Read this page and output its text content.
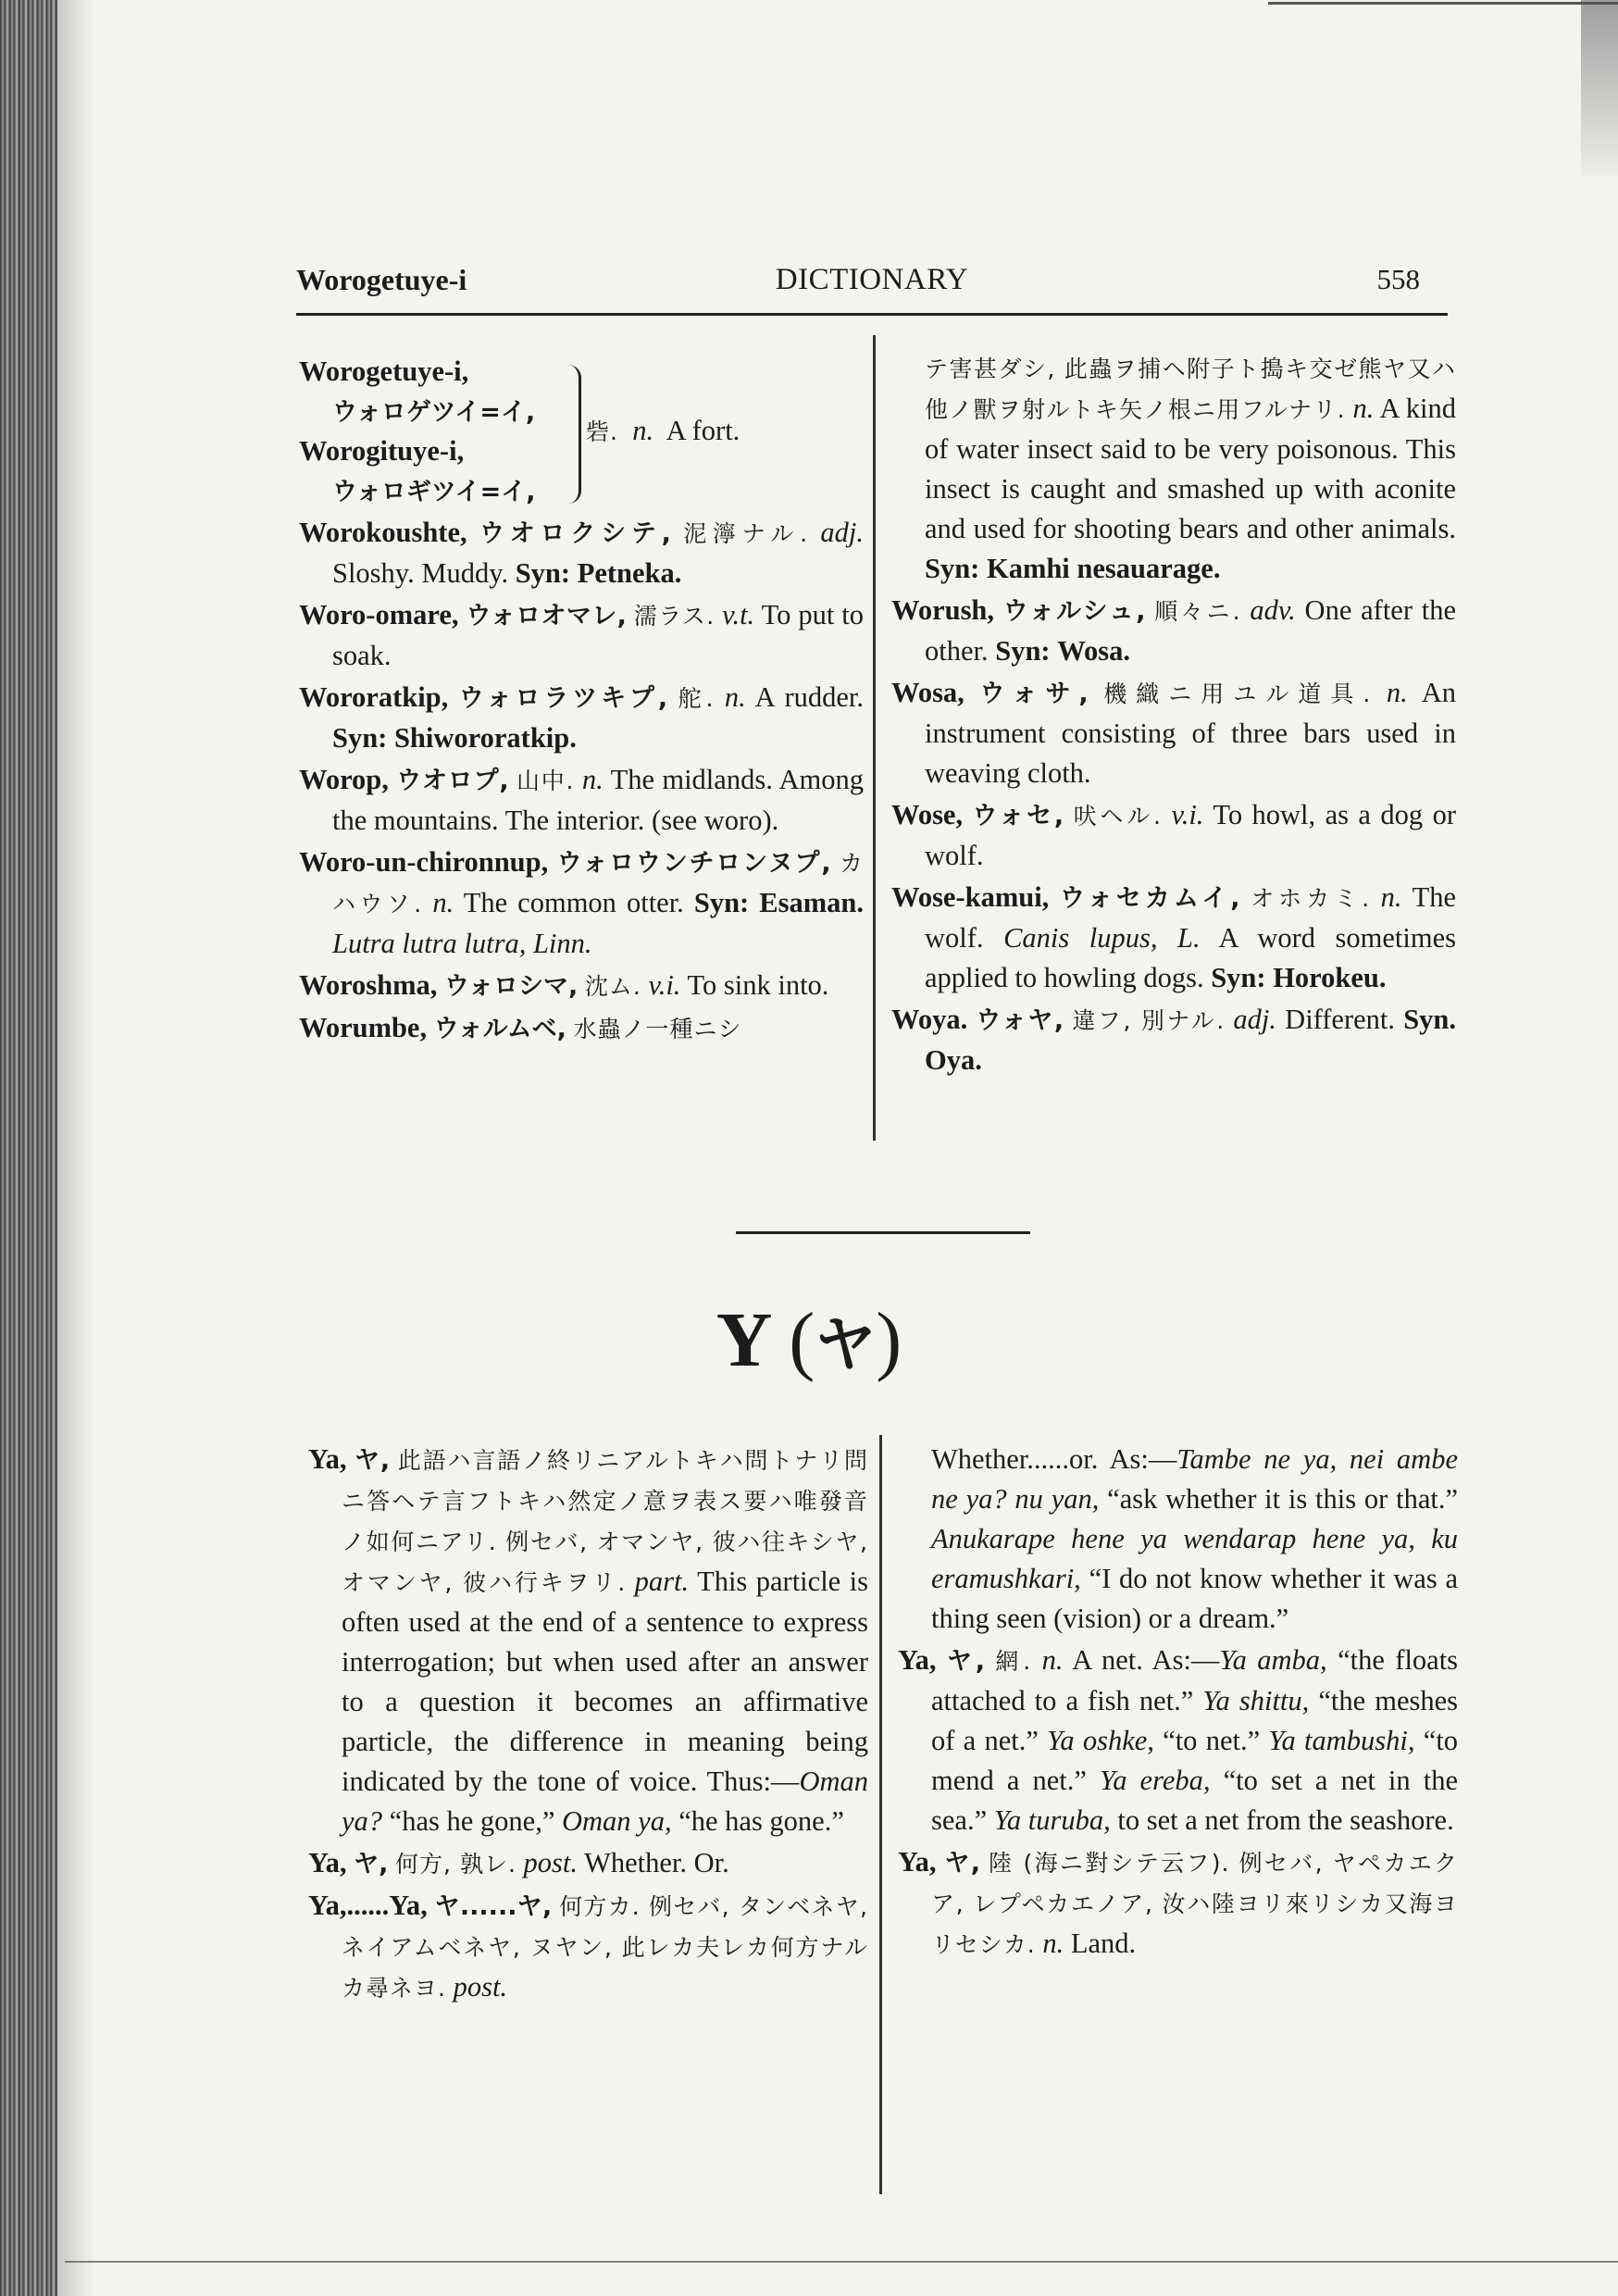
Worogetuye-i	DICTIONARY	558
Worogetuye-i,
ウォロゲツイ=イ,
Worogituye-i,
ウォロギツイ=イ,
砦. n. A fort.

Worokoushte, ウオロクシテ, 泥濘ナル. adj. Sloshy. Muddy. Syn: Petneka.

Woro-omare, ウォロオマレ, 濡ラス. v.t. To put to soak.

Wororatkip, ウォロラツキプ, 舵. n. A rudder. Syn: Shiwororatkip.

Worop, ウオロプ, 山中. n. The midlands. Among the mountains. The interior. (see woro).

Woro-un-chironnup, ウォロウンチロンヌプ, カハウソ. n. The common otter. Syn: Esaman. Lutra lutra lutra, Linn.

Woroshma, ウォロシマ, 沈ム. v.i. To sink into.

Worumbe, ウォルムベ, 水蟲ノ一種ニシ

テ害甚ダシ, 此蟲ヲ捕ヘ附子ト搗キ交ゼ熊ヤ又ハ他ノ獸ヲ射ルトキ矢ノ根ニ用フルナリ. n. A kind of water insect said to be very poisonous. This insect is caught and smashed up with aconite and used for shooting bears and other animals. Syn: Kamhi nesauarage.

Worush, ウォルシュ, 順々ニ. adv. One after the other. Syn: Wosa.

Wosa, ウォサ, 機織ニ用ユル道具. n. An instrument consisting of three bars used in weaving cloth.

Wose, ウォセ, 吠ヘル. v.i. To howl, as a dog or wolf.

Wose-kamui, ウォセカムイ, オホカミ. n. The wolf. Canis lupus, L. A word sometimes applied to howling dogs. Syn: Horokeu.

Woya. ウォヤ, 違フ, 別ナル. adj. Different. Syn. Oya.

Y (ヤ)

Ya, ヤ, 此語ハ言語ノ終リニアルトキハ問トナリ問ニ答ヘテ言フトキハ然定ノ意ヲ表ス要ハ唯發音ノ如何ニアリ. 例セバ, オマンヤ, 彼ハ往キシヤ, オマンヤ, 彼ハ行キヲリ. part. This particle is often used at the end of a sentence to express interrogation; but when used after an answer to a question it becomes an affirmative particle, the difference in meaning being indicated by the tone of voice. Thus:—Oman ya? “has he gone,” Oman ya, “he has gone.”

Ya, ヤ, 何方, 孰レ. post. Whether. Or.

Ya,......Ya, ヤ......ヤ, 何方カ. 例セバ, タンベネヤ, ネイアムベネヤ, ヌヤン, 此レカ夫レカ何方ナルカ尋ネヨ. post.

Whether......or. As:—Tambe ne ya, nei ambe ne ya? nu yan, “ask whether it is this or that.” Anukarape hene ya wendarap hene ya, ku eramushkari, “I do not know whether it was a thing seen (vision) or a dream.”

Ya, ヤ, 網. n. A net. As:—Ya amba, “the floats attached to a fish net.” Ya shittu, “the meshes of a net.” Ya oshke, “to net.” Ya tambushi, “to mend a net.” Ya ereba, “to set a net in the sea.” Ya turuba, to set a net from the seashore.

Ya, ヤ, 陸 (海ニ對シテ云フ). 例セバ, ヤペカエクア, レプペカエノア, 汝ハ陸ヨリ來リシカ又海ヨリセシカ. n. Land.
